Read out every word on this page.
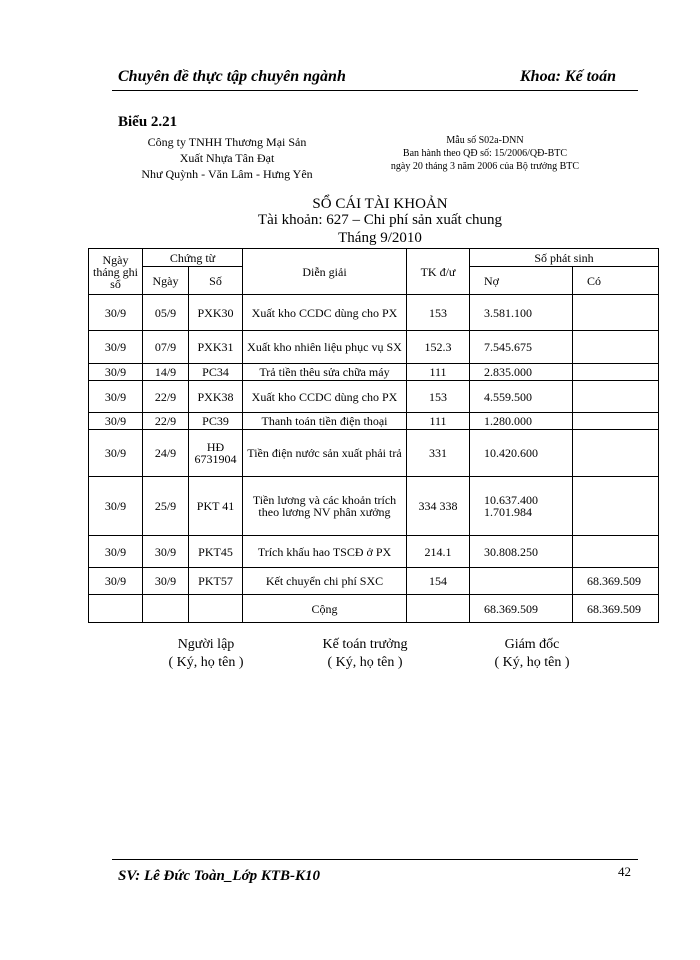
Chuyên đề thực tập chuyên ngành	Khoa: Kế toán
Biểu 2.21
Công ty TNHH Thương Mại Sản
Xuất Nhựa Tân Đạt
Như Quỳnh - Văn Lâm - Hưng Yên
Mẫu số S02a-DNN
Ban hành theo QĐ số: 15/2006/QĐ-BTC
ngày 20 tháng 3 năm 2006 của Bộ trưởng BTC
SỔ CÁI TÀI KHOẢN
Tài khoản: 627 – Chi phí sản xuất chung
Tháng 9/2010
Ngày tháng ghi sổ	Chứng từ		Diễn giải	TK đ/ư	Số phát sinh	
	Ngày	Số			Nợ	Có
30/9	05/9	PXK30	Xuất kho CCDC dùng cho PX	153	3.581.100	
30/9	07/9	PXK31	Xuất kho nhiên liệu phục vụ SX	152.3	7.545.675	
30/9	14/9	PC34	Trả tiền thêu sửa chữa máy	111	2.835.000	
30/9	22/9	PXK38	Xuất kho CCDC dùng cho PX	153	4.559.500	
30/9	22/9	PC39	Thanh toán tiền điện thoại	111	1.280.000	
30/9	24/9	HĐ 6731904	Tiền điện nước sản xuất phải trả	331	10.420.600	
30/9	25/9	PKT 41	Tiền lương và các khoản trích theo lương NV phân xưởng	334 338	10.637.400 1.701.984	
30/9	30/9	PKT45	Trích khấu hao TSCĐ ở PX	214.1	30.808.250	
30/9	30/9	PKT57	Kết chuyển chi phí SXC	154		68.369.509
			Cộng		68.369.509	68.369.509
Người lập
( Ký, họ tên )
Kế toán trưởng
( Ký, họ tên )
Giám đốc
( Ký, họ tên )
SV: Lê Đức Toàn_Lớp KTB-K10	42
